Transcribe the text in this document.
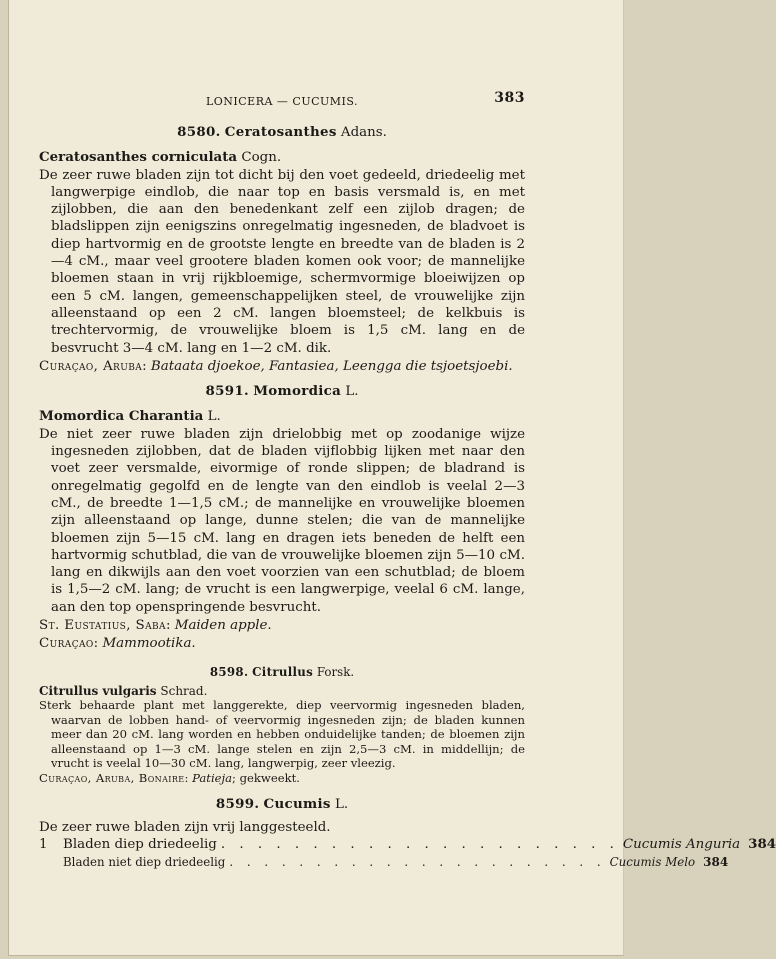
LONICERA — CUCUMIS.	383

8580. Ceratosanthes Adans.

Ceratosanthes corniculata Cogn.

De zeer ruwe bladen zijn tot dicht bij den voet gedeeld, driedeelig met langwerpige eindlob, die naar top en basis versmald is, en met zijlobben, die aan den benedenkant zelf een zijlob dragen; de bladslippen zijn eenigszins onregelmatig ingesneden, de bladvoet is diep hartvormig en de grootste lengte en breedte van de bladen is 2—4 cM., maar veel grootere bladen komen ook voor; de mannelijke bloemen staan in vrij rijkbloemige, schermvormige bloeiwijzen op een 5 cM. langen, gemeenschappelijken steel, de vrouwelijke zijn alleenstaand op een 2 cM. langen bloemsteel; de kelkbuis is trechtervormig, de vrouwelijke bloem is 1,5 cM. lang en de besvrucht 3—4 cM. lang en 1—2 cM. dik.

Curaçao, Aruba: Bataata djoekoe, Fantasiea, Leengga die tsjoetsjoebi.

8591. Momordica L.

Momordica Charantia L.

De niet zeer ruwe bladen zijn drielobbig met op zoodanige wijze ingesneden zijlobben, dat de bladen vijflobbig lijken met naar den voet zeer versmalde, eivormige of ronde slippen; de bladrand is onregelmatig gegolfd en de lengte van den eindlob is veelal 2—3 cM., de breedte 1—1,5 cM.; de mannelijke en vrouwelijke bloemen zijn alleenstaand op lange, dunne stelen; die van de mannelijke bloemen zijn 5—15 cM. lang en dragen iets beneden de helft een hartvormig schutblad, die van de vrouwelijke bloemen zijn 5—10 cM. lang en dikwijls aan den voet voorzien van een schutblad; de bloem is 1,5—2 cM. lang; de vrucht is een langwerpige, veelal 6 cM. lange, aan den top openspringende besvrucht.

St. Eustatius, Saba: Maiden apple.

Curaçao: Mammootika.

8598. Citrullus Forsk.

Citrullus vulgaris Schrad.

Sterk behaarde plant met langgerekte, diep veervormig ingesneden bladen, waarvan de lobben hand- of veervormig ingesneden zijn; de bladen kunnen meer dan 20 cM. lang worden en hebben onduidelijke tanden; de bloemen zijn alleenstaand op 1—3 cM. lange stelen en zijn 2,5—3 cM. in middellijn; de vrucht is veelal 10—30 cM. lang, langwerpig, zeer vleezig.

Curaçao, Aruba, Bonaire: Patieja; gekweekt.

8599. Cucumis L.

De zeer ruwe bladen zijn vrij langgesteeld.

1	Bladen diep driedeelig . . . . . . . . . . . . . . . . . . . . . . Cucumis Anguria 384
Bladen niet diep driedeelig . . . . . . . . . . . . . . . . . . . . . . Cucumis Melo 384
